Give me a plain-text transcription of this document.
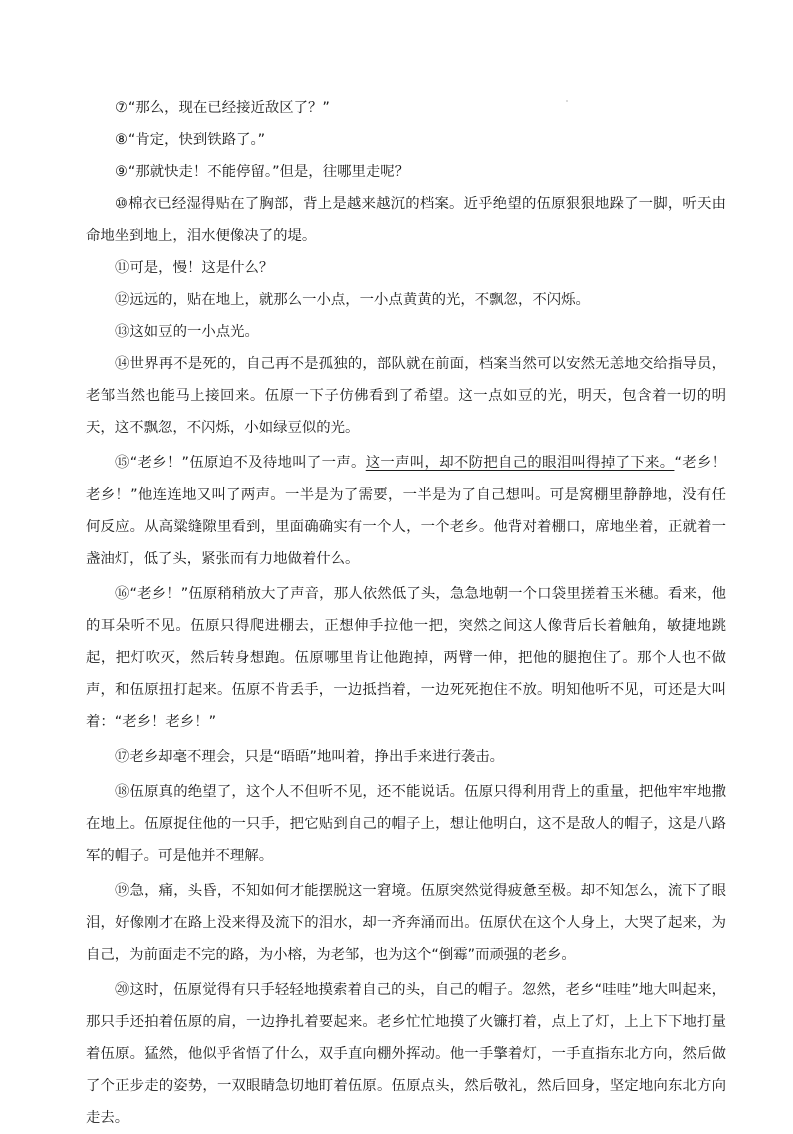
⑦“那么，现在已经接近敌区了？”

⑧“肯定，快到铁路了。”

⑨“那就快走！不能停留。”但是，往哪里走呢？

⑩棉衣已经湿得贴在了胸部，背上是越来越沉的档案。近乎绝望的伍原狠狠地跺了一脚，听天由命地坐到地上，泪水便像决了的堤。

⑪可是，慢！这是什么？

⑫远远的，贴在地上，就那么一小点，一小点黄黄的光，不飘忽，不闪烁。

⑬这如豆的一小点光。

⑭世界再不是死的，自己再不是孤独的，部队就在前面，档案当然可以安然无恙地交给指导员，老邹当然也能马上接回来。伍原一下子仿佛看到了希望。这一点如豆的光，明天，包含着一切的明天，这不飘忽，不闪烁，小如绿豆似的光。

⑮“老乡！”伍原迫不及待地叫了一声。这一声叫，却不防把自己的眼泪叫得掉了下来。“老乡！老乡！”他连连地又叫了两声。一半是为了需要，一半是为了自己想叫。可是窝棚里静静地，没有任何反应。从高粱缝隙里看到，里面确确实有一个人，一个老乡。他背对着棚口，席地坐着，正就着一盏油灯，低了头，紧张而有力地做着什么。

⑯“老乡！”伍原稍稍放大了声音，那人依然低了头，急急地朝一个口袋里搓着玉米穗。看来，他的耳朵听不见。伍原只得爬进棚去，正想伸手拉他一把，突然之间这人像背后长着触角，敏捷地跳起，把灯吹灭，然后转身想跑。伍原哪里肯让他跑掉，两臂一伸，把他的腿抱住了。那个人也不做声，和伍原扭打起来。伍原不肯丢手，一边抵挡着，一边死死抱住不放。明知他听不见，可还是大叫着：“老乡！老乡！”

⑰老乡却毫不理会，只是“晤晤”地叫着，挣出手来进行袭击。

⑱伍原真的绝望了，这个人不但听不见，还不能说话。伍原只得利用背上的重量，把他牢牢地撒在地上。伍原捉住他的一只手，把它贴到自己的帽子上，想让他明白，这不是敌人的帽子，这是八路军的帽子。可是他并不理解。

⑲急，痛，头昏，不知如何才能摆脱这一窘境。伍原突然觉得疲惫至极。却不知怎么，流下了眼泪，好像刚才在路上没来得及流下的泪水，却一齐奔涌而出。伍原伏在这个人身上，大哭了起来，为自己，为前面走不完的路，为小榕，为老邹，也为这个“倒霉”而顽强的老乡。

⑳这时，伍原觉得有只手轻轻地摸索着自己的头，自己的帽子。忽然，老乡“哇哇”地大叫起来，那只手还拍着伍原的肩，一边挣扎着要起来。老乡忙忙地摸了火镰打着，点上了灯，上上下下地打量着伍原。猛然，他似乎省悟了什么，双手直向棚外挥动。他一手擎着灯，一手直指东北方向，然后做了个正步走的姿势，一双眼睛急切地盯着伍原。伍原点头，然后敬礼，然后回身，坚定地向东北方向走去。
